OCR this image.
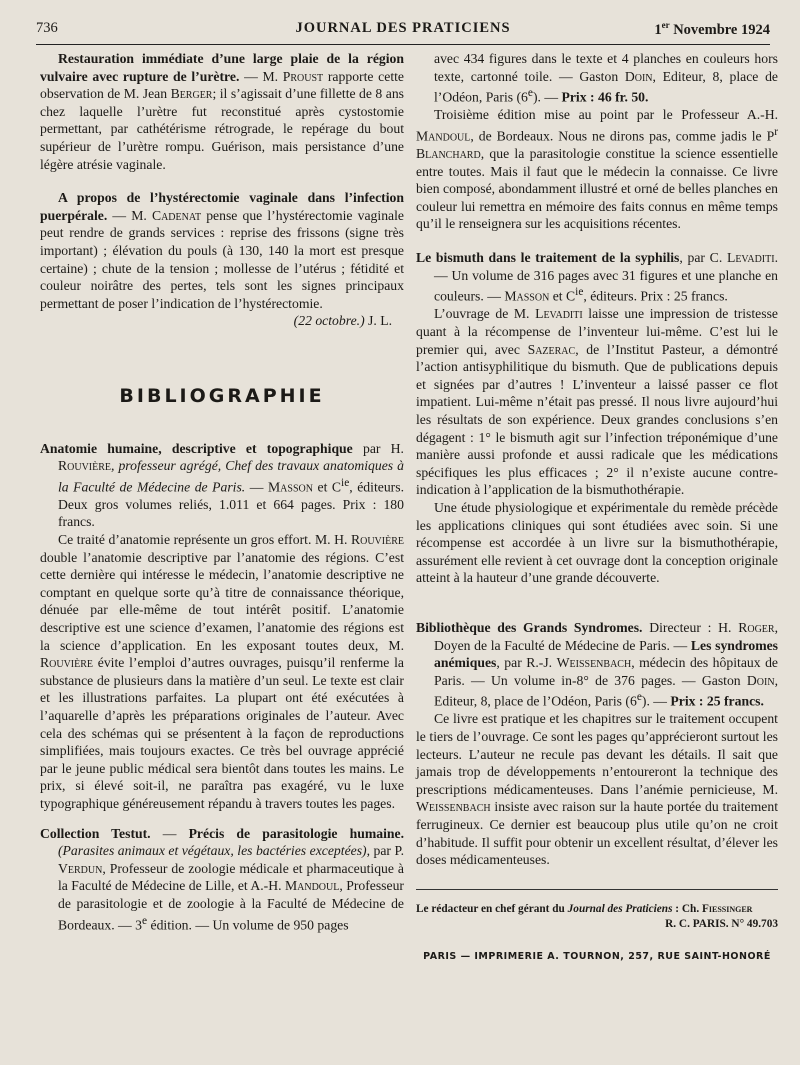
736	JOURNAL DES PRATICIENS	1er Novembre 1924

Restauration immédiate d’une large plaie de la région vulvaire avec rupture de l’urètre. — M. Proust rapporte cette observation de M. Jean Berger; il s’agissait d’une fillette de 8 ans chez laquelle l’urètre fut reconstitué après cystostomie permettant, par cathétérisme rétrograde, le repérage du bout supérieur de l’urètre rompu. Guérison, mais persistance d’une légère atrésie vaginale.

A propos de l’hystérectomie vaginale dans l’infection puerpérale. — M. Cadenat pense que l’hystérectomie vaginale peut rendre de grands services : reprise des frissons (signe très important) ; élévation du pouls (à 130, 140 la mort est presque certaine) ; chute de la tension ; mollesse de l’utérus ; fétidité et couleur noirâtre des pertes, tels sont les signes principaux permettant de poser l’indication de l’hystérectomie.

(22 octobre.) J. L.

BIBLIOGRAPHIE

Anatomie humaine, descriptive et topographique par H. Rouvière, professeur agrégé, Chef des travaux anatomiques à la Faculté de Médecine de Paris. — Masson et $C^{ie}$, éditeurs. Deux gros volumes reliés, 1.011 et 664 pages. Prix : 180 francs.

Ce traité d’anatomie représente un gros effort. M. H. Rouvière double l’anatomie descriptive par l’anatomie des régions. C’est cette dernière qui intéresse le médecin, l’anatomie descriptive ne comptant en quelque sorte qu’à titre de connaissance théorique, dénuée par elle-même de tout intérêt positif. L’anatomie descriptive est une science d’examen, l’anatomie des régions est la science d’application. En les exposant toutes deux, M. Rouvière évite l’emploi d’autres ouvrages, puisqu’il renferme la substance de plusieurs dans la matière d’un seul. Le texte est clair et les illustrations parfaites. La plupart ont été exécutées à l’aquarelle d’après les préparations originales de l’auteur. Avec cela des schémas qui se présentent à la façon de reproductions simplifiées, mais toujours exactes. Ce très bel ouvrage apprécié par le jeune public médical sera bientôt dans toutes les mains. Le prix, si élevé soit-il, ne paraîtra pas exagéré, vu le luxe typographique généreusement répandu à travers toutes les pages.

Collection Testut. — Précis de parasitologie humaine. (Parasites animaux et végétaux, les bactéries exceptées), par P. Verdun, Professeur de zoologie médicale et pharmaceutique à la Faculté de Médecine de Lille, et A.-H. Mandoul, Professeur de parasitologie et de zoologie à la Faculté de Médecine de Bordeaux. — 3e édition. — Un volume de 950 pages

avec 434 figures dans le texte et 4 planches en couleurs hors texte, cartonné toile. — Gaston Doin, Editeur, 8, place de l’Odéon, Paris (6e). — Prix : 46 fr. 50.

Troisième édition mise au point par le Professeur A.-H. Mandoul, de Bordeaux. Nous ne dirons pas, comme jadis le $P^r$ Blanchard, que la parasitologie constitue la science essentielle entre toutes. Mais il faut que le médecin la connaisse. Ce livre bien composé, abondamment illustré et orné de belles planches en couleur lui remettra en mémoire des faits connus en même temps qu’il le renseignera sur les acquisitions récentes.

Le bismuth dans le traitement de la syphilis, par C. Levaditi. — Un volume de 316 pages avec 31 figures et une planche en couleurs. — Masson et $C^{ie}$, éditeurs. Prix : 25 francs.

L’ouvrage de M. Levaditi laisse une impression de tristesse quant à la récompense de l’inventeur lui-même. C’est lui le premier qui, avec Sazerac, de l’Institut Pasteur, a démontré l’action antisyphilitique du bismuth. Que de publications depuis et signées par d’autres ! L’inventeur a laissé passer ce flot impatient. Lui-même n’était pas pressé. Il nous livre aujourd’hui les résultats de son expérience. Deux grandes conclusions s’en dégagent : 1° le bismuth agit sur l’infection tréponémique d’une manière aussi profonde et aussi radicale que les médications spécifiques les plus efficaces ; 2° il n’existe aucune contre-indication à l’application de la bismuthothérapie.

Une étude physiologique et expérimentale du remède précède les applications cliniques qui sont étudiées avec soin. Si une récompense est accordée à un livre sur la bismuthothérapie, assurément elle revient à cet ouvrage dont la conception originale atteint à la hauteur d’une grande découverte.

Bibliothèque des Grands Syndromes. Directeur : H. Roger, Doyen de la Faculté de Médecine de Paris. — Les syndromes anémiques, par R.-J. Weissenbach, médecin des hôpitaux de Paris. — Un volume in-8° de 376 pages. — Gaston Doin, Editeur, 8, place de l’Odéon, Paris (6e). — Prix : 25 francs.

Ce livre est pratique et les chapitres sur le traitement occupent le tiers de l’ouvrage. Ce sont les pages qu’apprécieront surtout les lecteurs. L’auteur ne recule pas devant les détails. Il sait que jamais trop de développements n’entoureront la technique des prescriptions médicamenteuses. Dans l’anémie pernicieuse, M. Weissenbach insiste avec raison sur la haute portée du traitement ferrugineux. Ce dernier est beaucoup plus utile qu’on ne croit d’habitude. Il suffit pour obtenir un excellent résultat, d’élever les doses médicamenteuses.

Le rédacteur en chef gérant du Journal des Praticiens : Ch. Fiessinger
R. C. PARIS. N° 49.703
PARIS — IMPRIMERIE A. TOURNON, 257, RUE SAINT-HONORÉ
